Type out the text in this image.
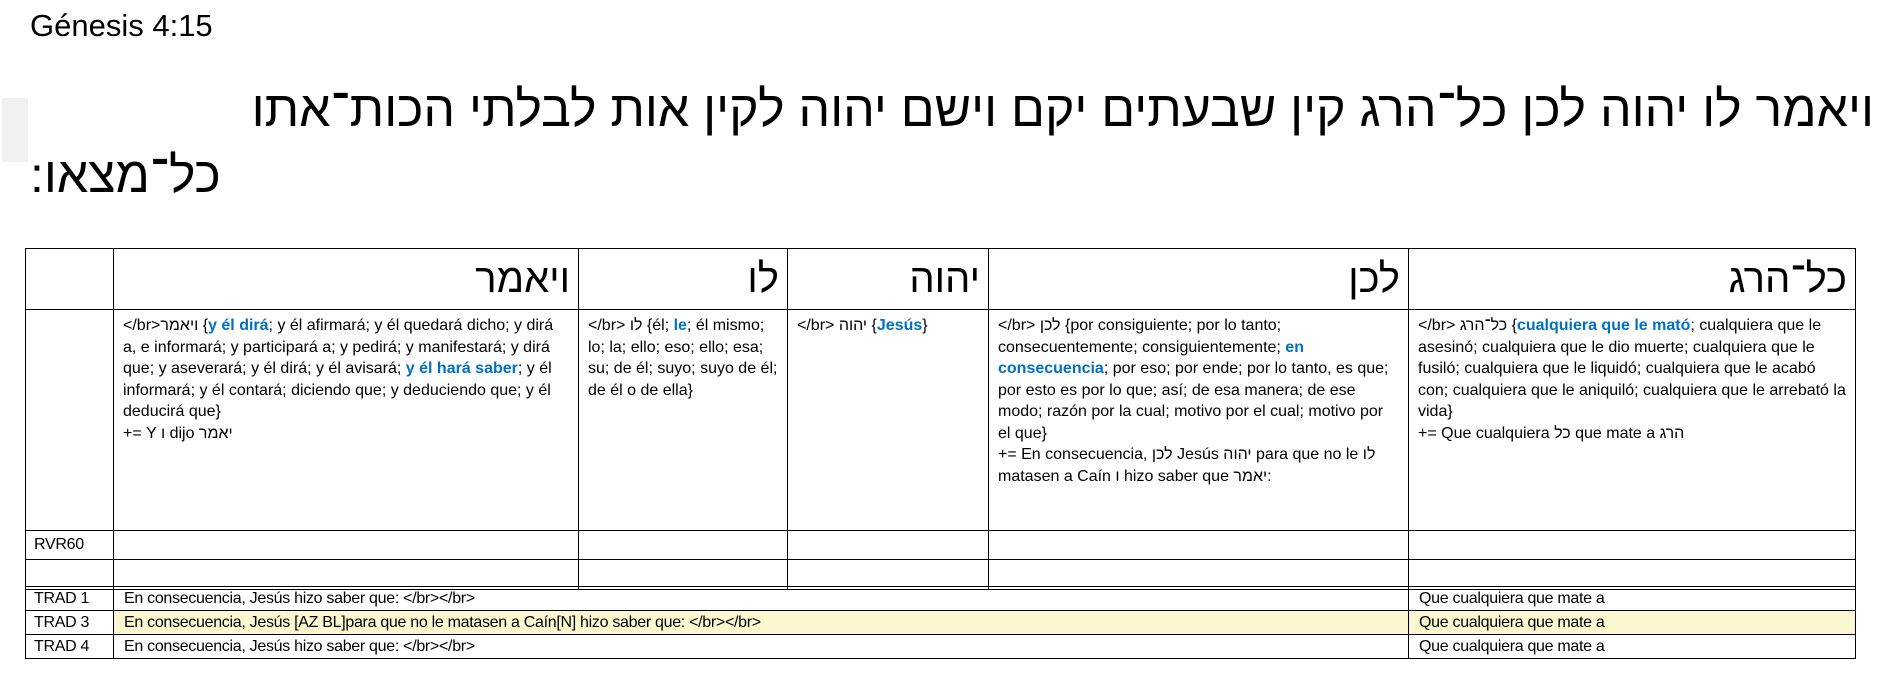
Génesis 4:15
ויאמר לו יהוה לכן כל־הרג קין שבעתים יקם וישם יהוה לקין אות לבלתי הכות־אתו
כל־מצאו:
	ויאמר	לו	יהוה	לכן	כל־הרג
	</br>ויאמר {y él dirá; y él afirmará; y él quedará dicho; y dirá a, e informará; y participará a; y pedirá; y manifestará; y dirá que; y aseverará; y él dirá; y él avisará; y él hará saber; y él informará; y él contará; diciendo que; y deduciendo que; y él deducirá que}
+= Y ו dijo יאמר	</br> לו {él; le; él mismo; lo; la; ello; eso; ello; esa; su; de él; suyo; suyo de él; de él o de ella}	</br> יהוה {Jesús}	</br> לכן {por consiguiente; por lo tanto; consecuentemente; consiguientemente; en consecuencia; por eso; por ende; por lo tanto, es que; por esto es por lo que; así; de esa manera; de ese modo; razón por la cual; motivo por el cual; motivo por el que}
+= En consecuencia, לכן Jesús יהוה para que no le לו matasen a Caín ו hizo saber que יאמר:	</br> כל־הרג {cualquiera que le mató; cualquiera que le asesinó; cualquiera que le dio muerte; cualquiera que le fusiló; cualquiera que le liquidó; cualquiera que le acabó con; cualquiera que le aniquiló; cualquiera que le arrebató la vida}
+= Que cualquiera כל que mate a הרג
RVR60					

TRAD 1	En consecuencia, Jesús hizo saber que: </br></br>	Que cualquiera que mate a
TRAD 3	En consecuencia, Jesús [AZ BL]para que no le matasen a Caín[N] hizo saber que: </br></br>	Que cualquiera que mate a
TRAD 4	En consecuencia, Jesús hizo saber que: </br></br>	Que cualquiera que mate a
